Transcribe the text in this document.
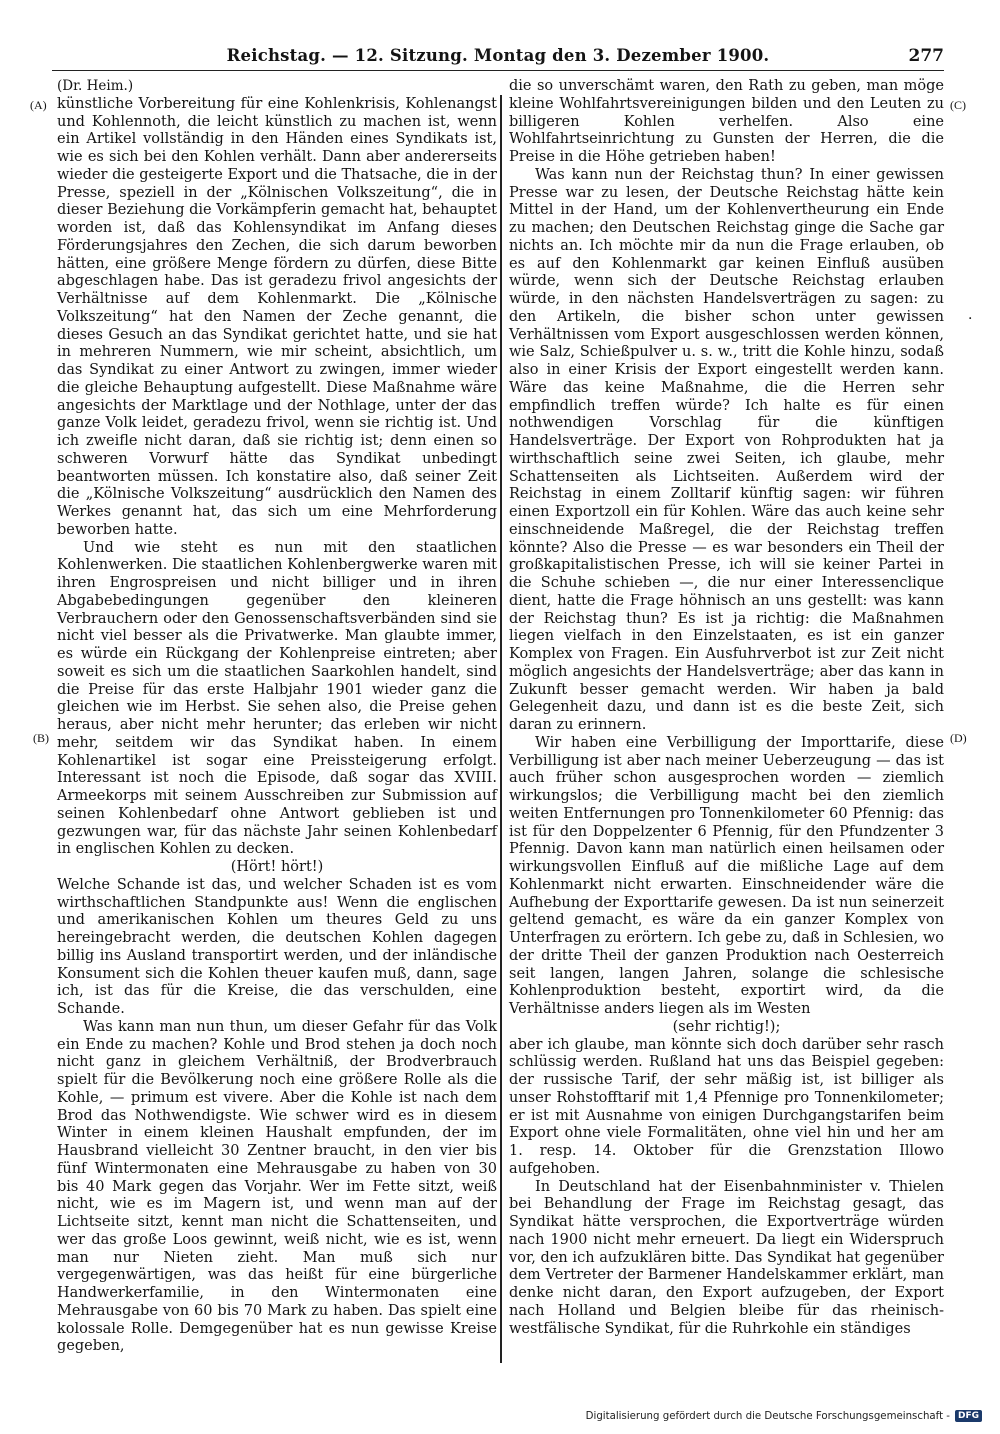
Reichstag. — 12. Sitzung. Montag den 3. Dezember 1900.	277
(A)
(B)
(C)
(D)
·

(Dr. Heim.)

künstliche Vorbereitung für eine Kohlenkrisis, Kohlenangst und Kohlennoth, die leicht künstlich zu machen ist, wenn ein Artikel vollständig in den Händen eines Syndikats ist, wie es sich bei den Kohlen verhält. Dann aber andererseits wieder die gesteigerte Export und die Thatsache, die in der Presse, speziell in der „Kölnischen Volkszeitung“, die in dieser Beziehung die Vorkämpferin gemacht hat, behauptet worden ist, daß das Kohlensyndikat im Anfang dieses Förderungsjahres den Zechen, die sich darum beworben hätten, eine größere Menge fördern zu dürfen, diese Bitte abgeschlagen habe. Das ist geradezu frivol angesichts der Verhältnisse auf dem Kohlenmarkt. Die „Kölnische Volkszeitung“ hat den Namen der Zeche genannt, die dieses Gesuch an das Syndikat gerichtet hatte, und sie hat in mehreren Nummern, wie mir scheint, absichtlich, um das Syndikat zu einer Antwort zu zwingen, immer wieder die gleiche Behauptung aufgestellt. Diese Maßnahme wäre angesichts der Marktlage und der Nothlage, unter der das ganze Volk leidet, geradezu frivol, wenn sie richtig ist. Und ich zweifle nicht daran, daß sie richtig ist; denn einen so schweren Vorwurf hätte das Syndikat unbedingt beantworten müssen. Ich konstatire also, daß seiner Zeit die „Kölnische Volkszeitung“ ausdrücklich den Namen des Werkes genannt hat, das sich um eine Mehrforderung beworben hatte.

Und wie steht es nun mit den staatlichen Kohlenwerken. Die staatlichen Kohlenbergwerke waren mit ihren Engrospreisen und nicht billiger und in ihren Abgabebedingungen gegenüber den kleineren Verbrauchern oder den Genossenschaftsverbänden sind sie nicht viel besser als die Privatwerke. Man glaubte immer, es würde ein Rückgang der Kohlenpreise eintreten; aber soweit es sich um die staatlichen Saarkohlen handelt, sind die Preise für das erste Halbjahr 1901 wieder ganz die gleichen wie im Herbst. Sie sehen also, die Preise gehen heraus, aber nicht mehr herunter; das erleben wir nicht mehr, seitdem wir das Syndikat haben. In einem Kohlenartikel ist sogar eine Preissteigerung erfolgt. Interessant ist noch die Episode, daß sogar das XVIII. Armeekorps mit seinem Ausschreiben zur Submission auf seinen Kohlenbedarf ohne Antwort geblieben ist und gezwungen war, für das nächste Jahr seinen Kohlenbedarf in englischen Kohlen zu decken.

(Hört! hört!)

Welche Schande ist das, und welcher Schaden ist es vom wirthschaftlichen Standpunkte aus! Wenn die englischen und amerikanischen Kohlen um theures Geld zu uns hereingebracht werden, die deutschen Kohlen dagegen billig ins Ausland transportirt werden, und der inländische Konsument sich die Kohlen theuer kaufen muß, dann, sage ich, ist das für die Kreise, die das verschulden, eine Schande.

Was kann man nun thun, um dieser Gefahr für das Volk ein Ende zu machen? Kohle und Brod stehen ja doch noch nicht ganz in gleichem Verhältniß, der Brodverbrauch spielt für die Bevölkerung noch eine größere Rolle als die Kohle, — primum est vivere. Aber die Kohle ist nach dem Brod das Nothwendigste. Wie schwer wird es in diesem Winter in einem kleinen Haushalt empfunden, der im Hausbrand vielleicht 30 Zentner braucht, in den vier bis fünf Wintermonaten eine Mehrausgabe zu haben von 30 bis 40 Mark gegen das Vorjahr. Wer im Fette sitzt, weiß nicht, wie es im Magern ist, und wenn man auf der Lichtseite sitzt, kennt man nicht die Schattenseiten, und wer das große Loos gewinnt, weiß nicht, wie es ist, wenn man nur Nieten zieht. Man muß sich nur vergegenwärtigen, was das heißt für eine bürgerliche Handwerkerfamilie, in den Wintermonaten eine Mehrausgabe von 60 bis 70 Mark zu haben. Das spielt eine kolossale Rolle. Demgegenüber hat es nun gewisse Kreise gegeben,

die so unverschämt waren, den Rath zu geben, man möge kleine Wohlfahrtsvereinigungen bilden und den Leuten zu billigeren Kohlen verhelfen. Also eine Wohlfahrtseinrichtung zu Gunsten der Herren, die die Preise in die Höhe getrieben haben!

Was kann nun der Reichstag thun? In einer gewissen Presse war zu lesen, der Deutsche Reichstag hätte kein Mittel in der Hand, um der Kohlenvertheurung ein Ende zu machen; den Deutschen Reichstag ginge die Sache gar nichts an. Ich möchte mir da nun die Frage erlauben, ob es auf den Kohlenmarkt gar keinen Einfluß ausüben würde, wenn sich der Deutsche Reichstag erlauben würde, in den nächsten Handelsverträgen zu sagen: zu den Artikeln, die bisher schon unter gewissen Verhältnissen vom Export ausgeschlossen werden können, wie Salz, Schießpulver u. s. w., tritt die Kohle hinzu, sodaß also in einer Krisis der Export eingestellt werden kann. Wäre das keine Maßnahme, die die Herren sehr empfindlich treffen würde? Ich halte es für einen nothwendigen Vorschlag für die künftigen Handelsverträge. Der Export von Rohprodukten hat ja wirthschaftlich seine zwei Seiten, ich glaube, mehr Schattenseiten als Lichtseiten. Außerdem wird der Reichstag in einem Zolltarif künftig sagen: wir führen einen Exportzoll ein für Kohlen. Wäre das auch keine sehr einschneidende Maßregel, die der Reichstag treffen könnte? Also die Presse — es war besonders ein Theil der großkapitalistischen Presse, ich will sie keiner Partei in die Schuhe schieben —, die nur einer Interessenclique dient, hatte die Frage höhnisch an uns gestellt: was kann der Reichstag thun? Es ist ja richtig: die Maßnahmen liegen vielfach in den Einzelstaaten, es ist ein ganzer Komplex von Fragen. Ein Ausfuhrverbot ist zur Zeit nicht möglich angesichts der Handelsverträge; aber das kann in Zukunft besser gemacht werden. Wir haben ja bald Gelegenheit dazu, und dann ist es die beste Zeit, sich daran zu erinnern.

Wir haben eine Verbilligung der Importtarife, diese Verbilligung ist aber nach meiner Ueberzeugung — das ist auch früher schon ausgesprochen worden — ziemlich wirkungslos; die Verbilligung macht bei den ziemlich weiten Entfernungen pro Tonnenkilometer 60 Pfennig: das ist für den Doppelzenter 6 Pfennig, für den Pfundzenter 3 Pfennig. Davon kann man natürlich einen heilsamen oder wirkungsvollen Einfluß auf die mißliche Lage auf dem Kohlenmarkt nicht erwarten. Einschneidender wäre die Aufhebung der Exporttarife gewesen. Da ist nun seinerzeit geltend gemacht, es wäre da ein ganzer Komplex von Unterfragen zu erörtern. Ich gebe zu, daß in Schlesien, wo der dritte Theil der ganzen Produktion nach Oesterreich seit langen, langen Jahren, solange die schlesische Kohlenproduktion besteht, exportirt wird, da die Verhältnisse anders liegen als im Westen

(sehr richtig!);

aber ich glaube, man könnte sich doch darüber sehr rasch schlüssig werden. Rußland hat uns das Beispiel gegeben: der russische Tarif, der sehr mäßig ist, ist billiger als unser Rohstofftarif mit 1,4 Pfennige pro Tonnenkilometer; er ist mit Ausnahme von einigen Durchgangstarifen beim Export ohne viele Formalitäten, ohne viel hin und her am 1. resp. 14. Oktober für die Grenzstation Illowo aufgehoben.

In Deutschland hat der Eisenbahnminister v. Thielen bei Behandlung der Frage im Reichstag gesagt, das Syndikat hätte versprochen, die Exportverträge würden nach 1900 nicht mehr erneuert. Da liegt ein Widerspruch vor, den ich aufzuklären bitte. Das Syndikat hat gegenüber dem Vertreter der Barmener Handelskammer erklärt, man denke nicht daran, den Export aufzugeben, der Export nach Holland und Belgien bleibe für das rheinisch-westfälische Syndikat, für die Ruhrkohle ein ständiges

Digitalisierung gefördert durch die Deutsche Forschungsgemeinschaft - DFG
